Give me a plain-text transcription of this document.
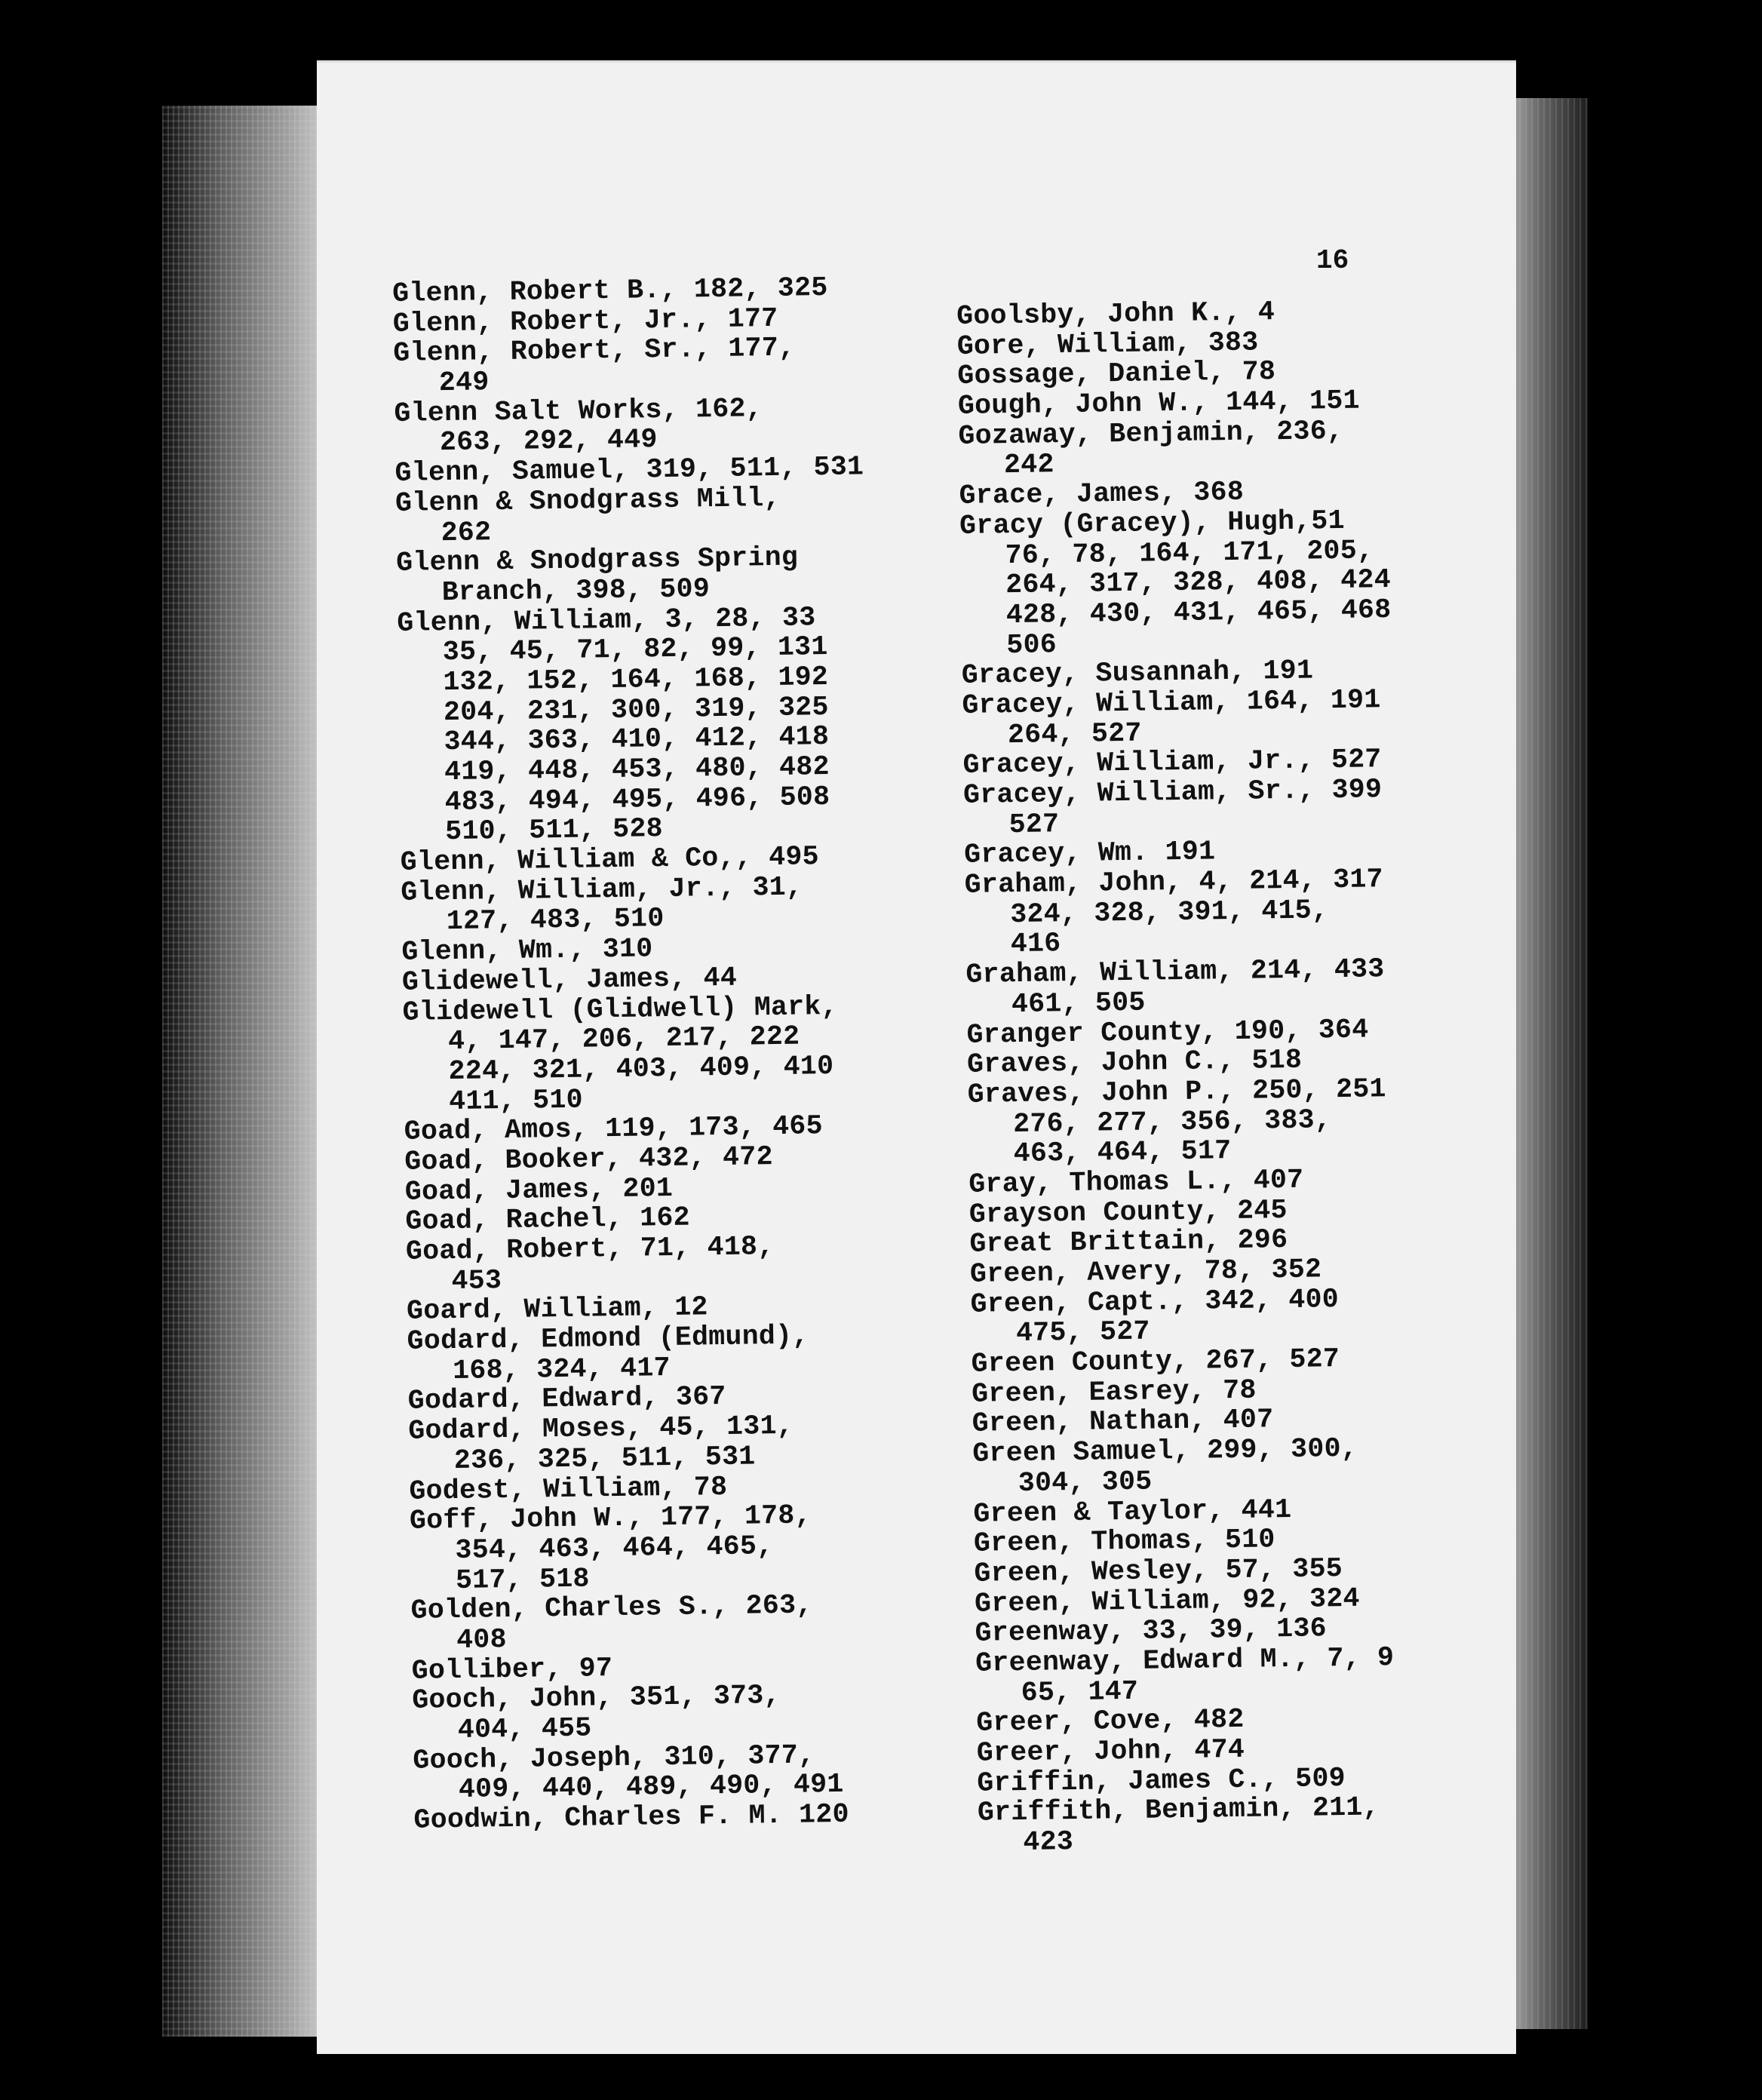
16
Glenn, Robert B., 182, 325
Glenn, Robert, Jr., 177
Glenn, Robert, Sr., 177,
249
Glenn Salt Works, 162,
263, 292, 449
Glenn, Samuel, 319, 511, 531
Glenn & Snodgrass Mill,
262
Glenn & Snodgrass Spring
Branch, 398, 509
Glenn, William, 3, 28, 33
35, 45, 71, 82, 99, 131
132, 152, 164, 168, 192
204, 231, 300, 319, 325
344, 363, 410, 412, 418
419, 448, 453, 480, 482
483, 494, 495, 496, 508
510, 511, 528
Glenn, William & Co,, 495
Glenn, William, Jr., 31,
127, 483, 510
Glenn, Wm., 310
Glidewell, James, 44
Glidewell (Glidwell) Mark,
4, 147, 206, 217, 222
224, 321, 403, 409, 410
411, 510
Goad, Amos, 119, 173, 465
Goad, Booker, 432, 472
Goad, James, 201
Goad, Rachel, 162
Goad, Robert, 71, 418,
453
Goard, William, 12
Godard, Edmond (Edmund),
168, 324, 417
Godard, Edward, 367
Godard, Moses, 45, 131,
236, 325, 511, 531
Godest, William, 78
Goff, John W., 177, 178,
354, 463, 464, 465,
517, 518
Golden, Charles S., 263,
408
Golliber, 97
Gooch, John, 351, 373,
404, 455
Gooch, Joseph, 310, 377,
409, 440, 489, 490, 491
Goodwin, Charles F. M. 120
Goolsby, John K., 4
Gore, William, 383
Gossage, Daniel, 78
Gough, John W., 144, 151
Gozaway, Benjamin, 236,
242
Grace, James, 368
Gracy (Gracey), Hugh,51
76, 78, 164, 171, 205,
264, 317, 328, 408, 424
428, 430, 431, 465, 468
506
Gracey, Susannah, 191
Gracey, William, 164, 191
264, 527
Gracey, William, Jr., 527
Gracey, William, Sr., 399
527
Gracey, Wm. 191
Graham, John, 4, 214, 317
324, 328, 391, 415,
416
Graham, William, 214, 433
461, 505
Granger County, 190, 364
Graves, John C., 518
Graves, John P., 250, 251
276, 277, 356, 383,
463, 464, 517
Gray, Thomas L., 407
Grayson County, 245
Great Brittain, 296
Green, Avery, 78, 352
Green, Capt., 342, 400
475, 527
Green County, 267, 527
Green, Easrey, 78
Green, Nathan, 407
Green Samuel, 299, 300,
304, 305
Green & Taylor, 441
Green, Thomas, 510
Green, Wesley, 57, 355
Green, William, 92, 324
Greenway, 33, 39, 136
Greenway, Edward M., 7, 9
65, 147
Greer, Cove, 482
Greer, John, 474
Griffin, James C., 509
Griffith, Benjamin, 211,
423
